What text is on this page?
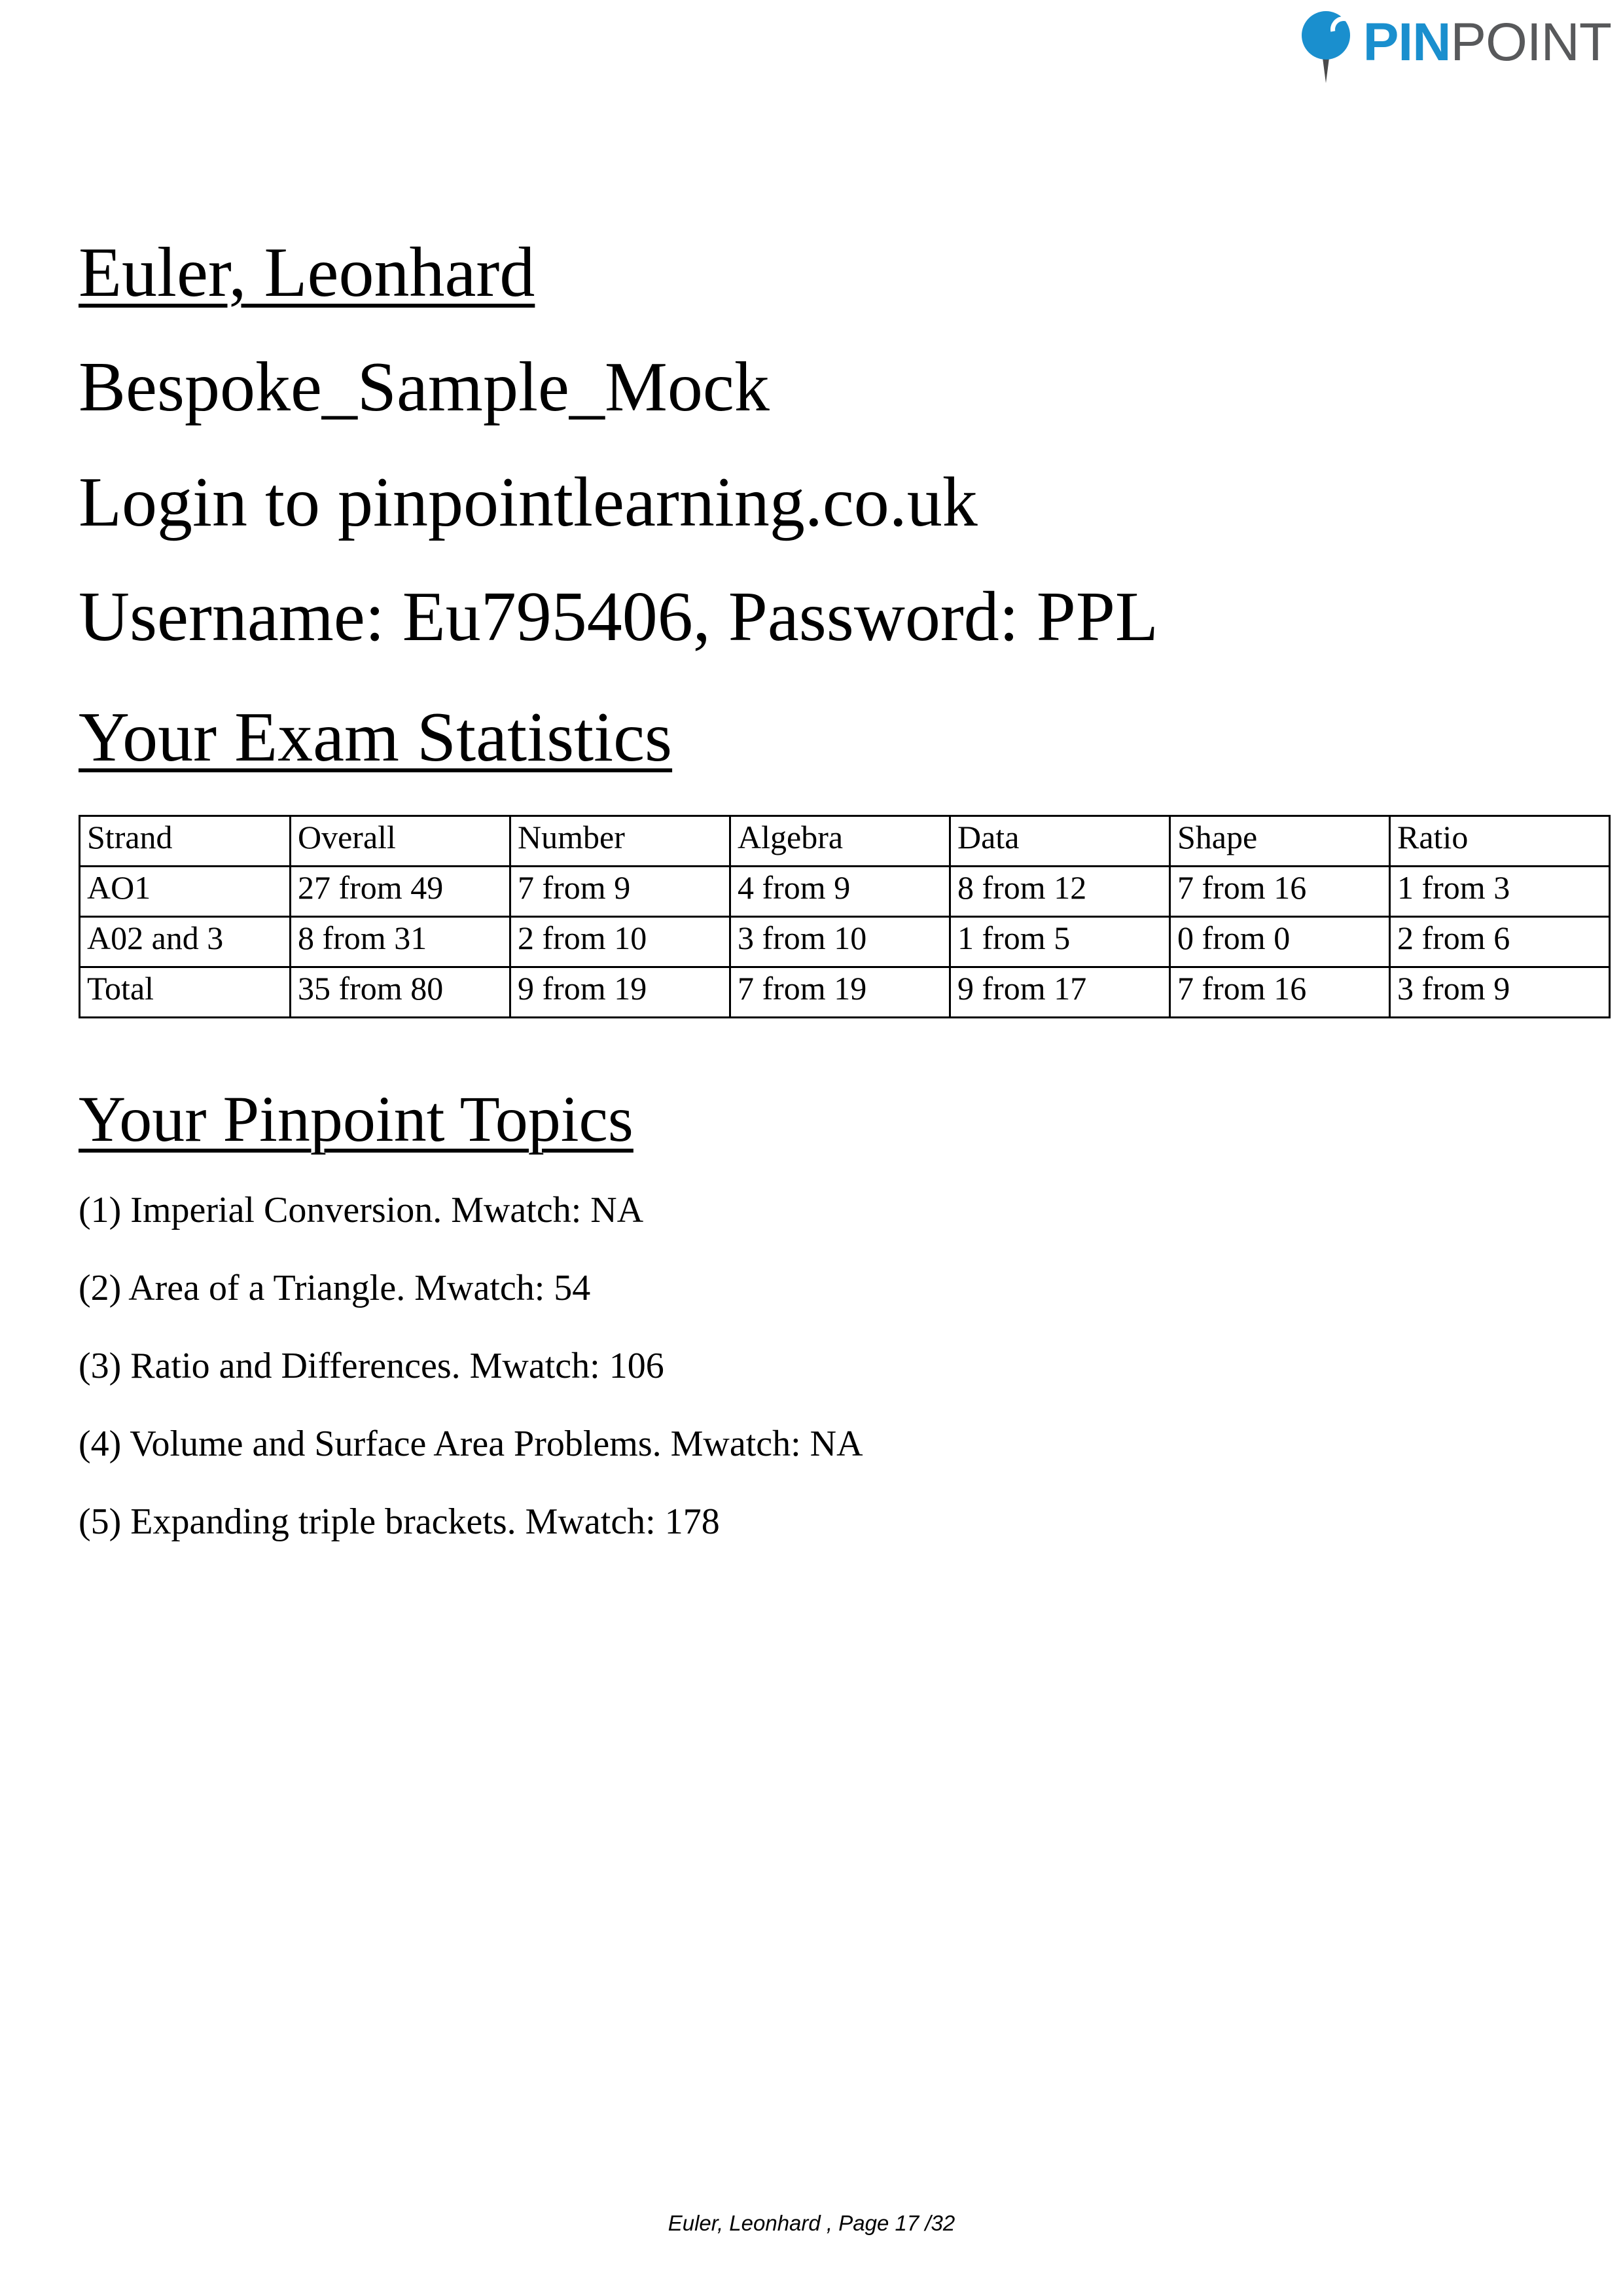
PINPOINT
Euler, Leonhard
Bespoke_Sample_Mock
Login to pinpointlearning.co.uk
Username: Eu795406, Password: PPL
Your Exam Statistics
Strand	Overall	Number	Algebra	Data	Shape	Ratio
AO1	27 from 49	7 from 9	4 from 9	8 from 12	7 from 16	1 from 3
A02 and 3	8 from 31	2 from 10	3 from 10	1 from 5	0 from 0	2 from 6
Total	35 from 80	9 from 19	7 from 19	9 from 17	7 from 16	3 from 9
Your Pinpoint Topics
(1) Imperial Conversion. Mwatch: NA
(2) Area of a Triangle. Mwatch: 54
(3) Ratio and Differences. Mwatch: 106
(4) Volume and Surface Area Problems. Mwatch: NA
(5) Expanding triple brackets. Mwatch: 178
Euler, Leonhard , Page 17 /32
